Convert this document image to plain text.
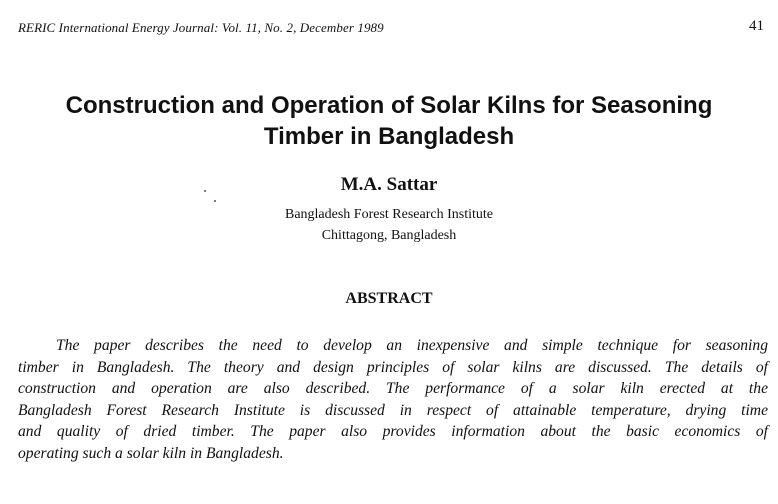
RERIC International Energy Journal: Vol. 11, No. 2, December 1989	41
Construction and Operation of Solar Kilns for Seasoning
Timber in Bangladesh
M.A. Sattar
Bangladesh Forest Research Institute
Chittagong, Bangladesh
ABSTRACT

The paper describes the need to develop an inexpensive and simple technique for seasoning
timber in Bangladesh. The theory and design principles of solar kilns are discussed. The details of
construction and operation are also described. The performance of a solar kiln erected at the
Bangladesh Forest Research Institute is discussed in respect of attainable temperature, drying time
and quality of dried timber. The paper also provides information about the basic economics of
operating such a solar kiln in Bangladesh.
